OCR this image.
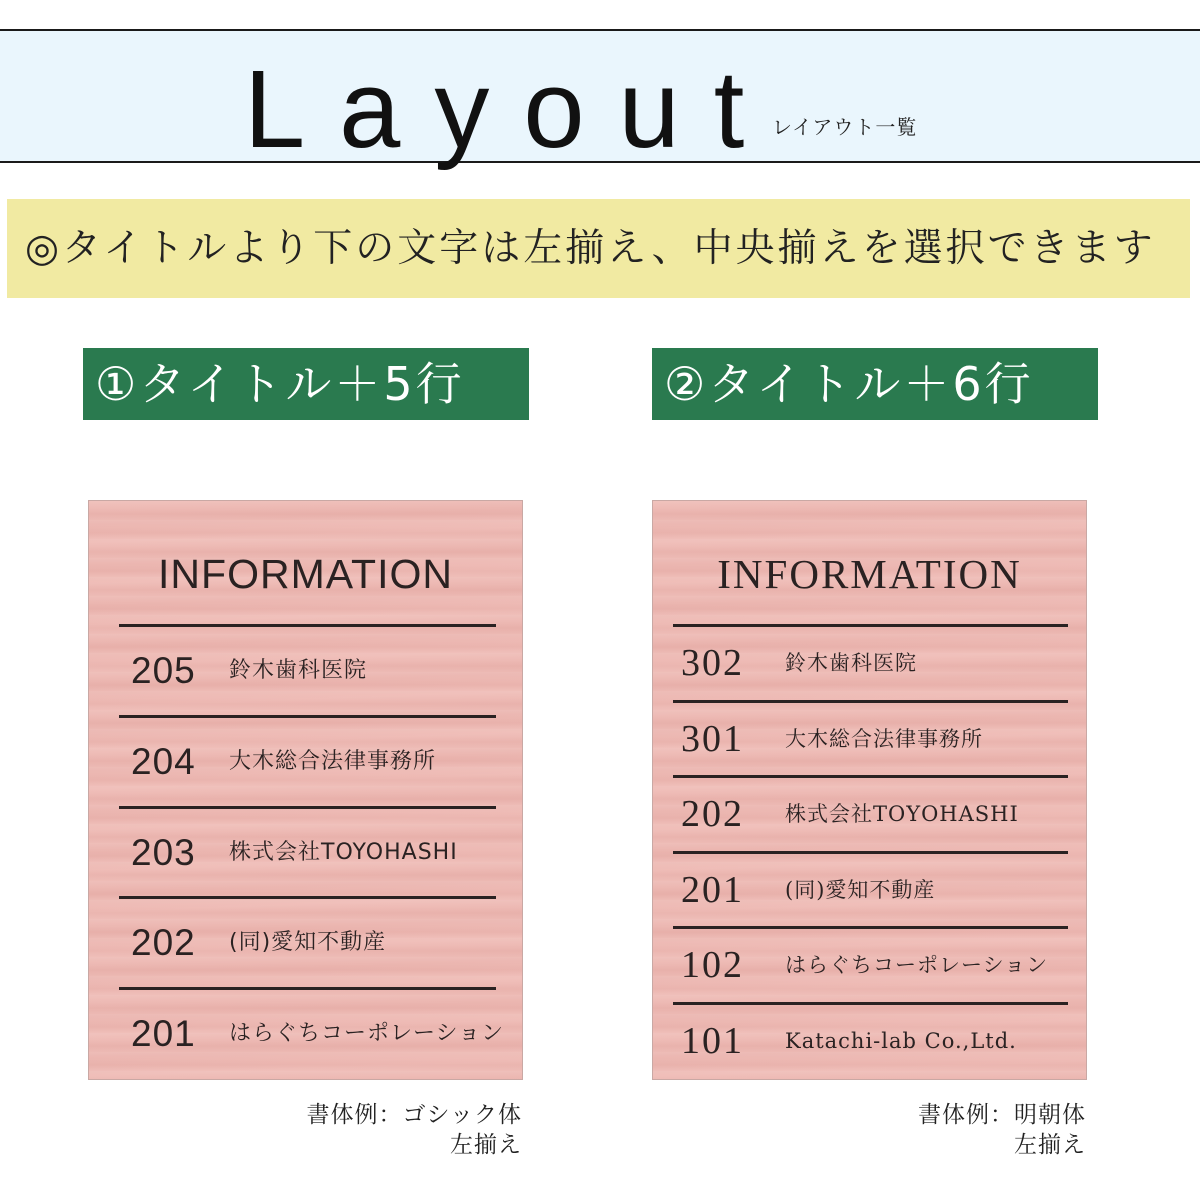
Layout
レイアウト一覧
◎タイトルより下の文字は左揃え、中央揃えを選択できます
①タイトル＋5行	②タイトル＋6行
INFORMATION
205 鈴木歯科医院
204 大木総合法律事務所
203 株式会社TOYOHASHI
202 (同)愛知不動産
201 はらぐちコーポレーション
INFORMATION
302 鈴木歯科医院
301 大木総合法律事務所
202 株式会社TOYOHASHI
201 (同)愛知不動産
102 はらぐちコーポレーション
101 Katachi-lab Co.,Ltd.
書体例：ゴシック体
左揃え
書体例：明朝体
左揃え
